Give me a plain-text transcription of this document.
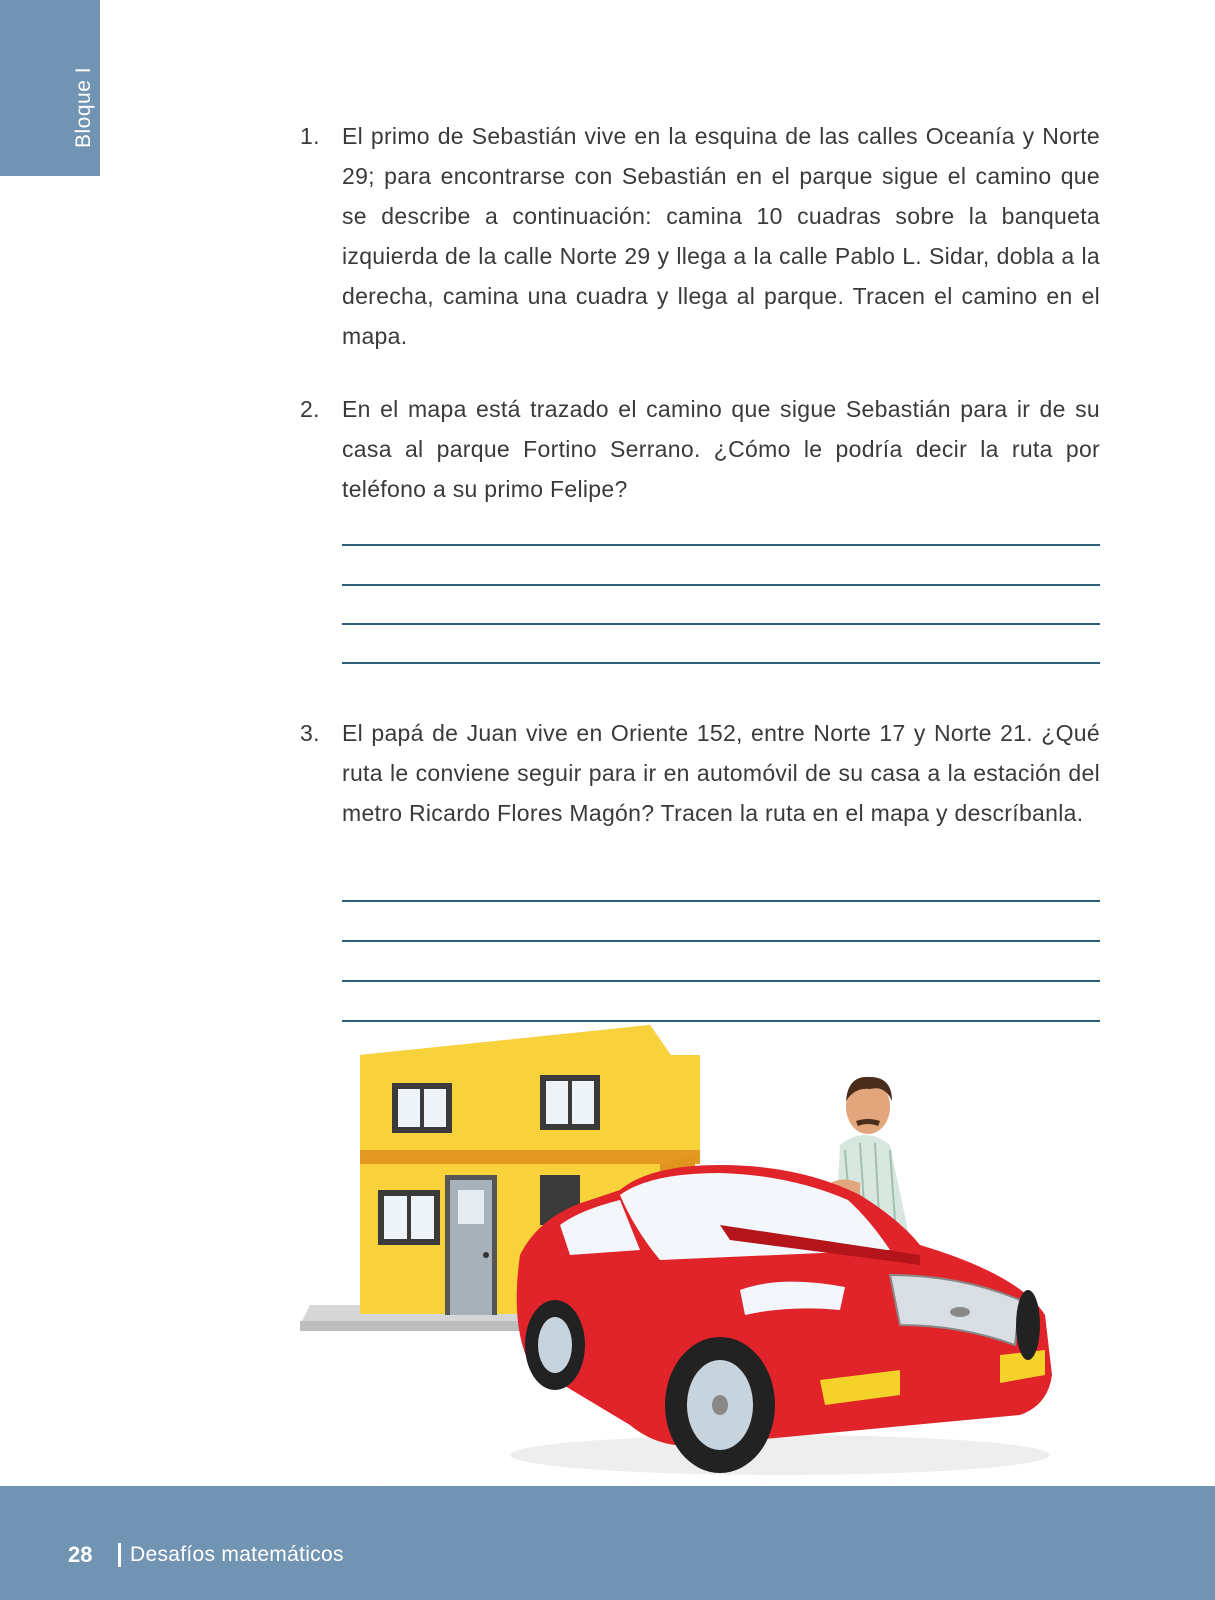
Bloque I	1. El primo de Sebastián vive en la esquina de las calles Oceanía y Norte 29; para encontrarse con Sebastián en el parque sigue el camino que se describe a continuación: camina 10 cuadras sobre la banqueta izquierda de la calle Norte 29 y llega a la calle Pablo L. Sidar, dobla a la derecha, camina una cuadra y llega al parque. Tracen el camino en el mapa.
2. En el mapa está trazado el camino que sigue Sebastián para ir de su casa al parque Fortino Serrano. ¿Cómo le podría decir la ruta por teléfono a su primo Felipe?
3. El papá de Juan vive en Oriente 152, entre Norte 17 y Norte 21. ¿Qué ruta le conviene seguir para ir en automóvil de su casa a la estación del metro Ricardo Flores Magón? Tracen la ruta en el mapa y descríbanla.
28 Desafíos matemáticos
